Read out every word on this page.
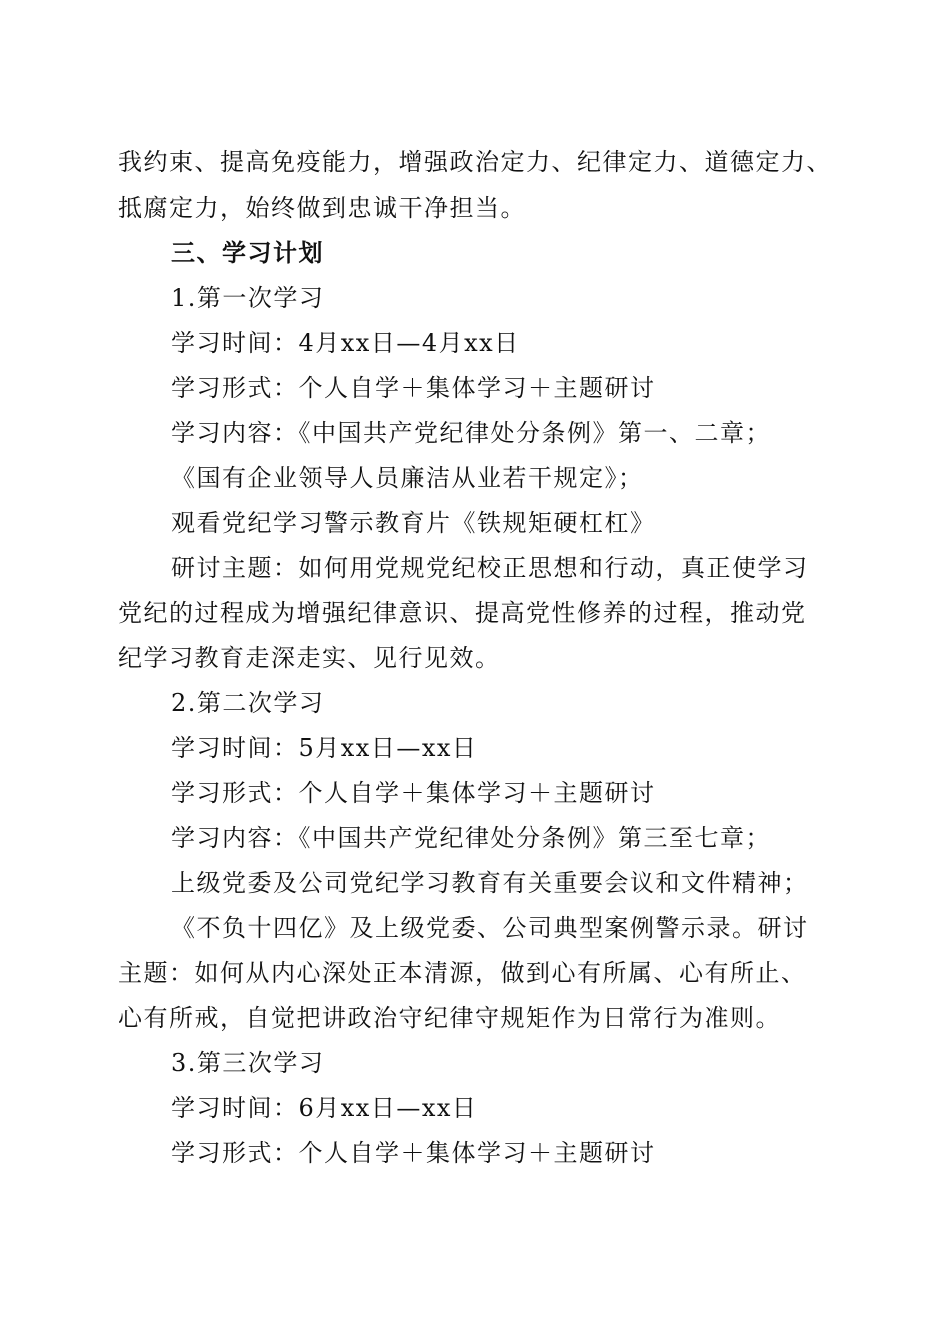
我约束、提高免疫能力，增强政治定力、纪律定力、道德定力、
抵腐定力，始终做到忠诚干净担当。
三、学习计划
1.第一次学习
学习时间：4月xx日—4月xx日
学习形式：个人自学＋集体学习＋主题研讨
学习内容：《中国共产党纪律处分条例》第一、二章；
《国有企业领导人员廉洁从业若干规定》；
观看党纪学习警示教育片《铁规矩硬杠杠》
研讨主题：如何用党规党纪校正思想和行动，真正使学习
党纪的过程成为增强纪律意识、提高党性修养的过程，推动党
纪学习教育走深走实、见行见效。
2.第二次学习
学习时间：5月xx日—xx日
学习形式：个人自学＋集体学习＋主题研讨
学习内容：《中国共产党纪律处分条例》第三至七章；
上级党委及公司党纪学习教育有关重要会议和文件精神；
《不负十四亿》及上级党委、公司典型案例警示录。研讨
主题：如何从内心深处正本清源，做到心有所属、心有所止、
心有所戒，自觉把讲政治守纪律守规矩作为日常行为准则。
3.第三次学习
学习时间：6月xx日—xx日
学习形式：个人自学＋集体学习＋主题研讨
